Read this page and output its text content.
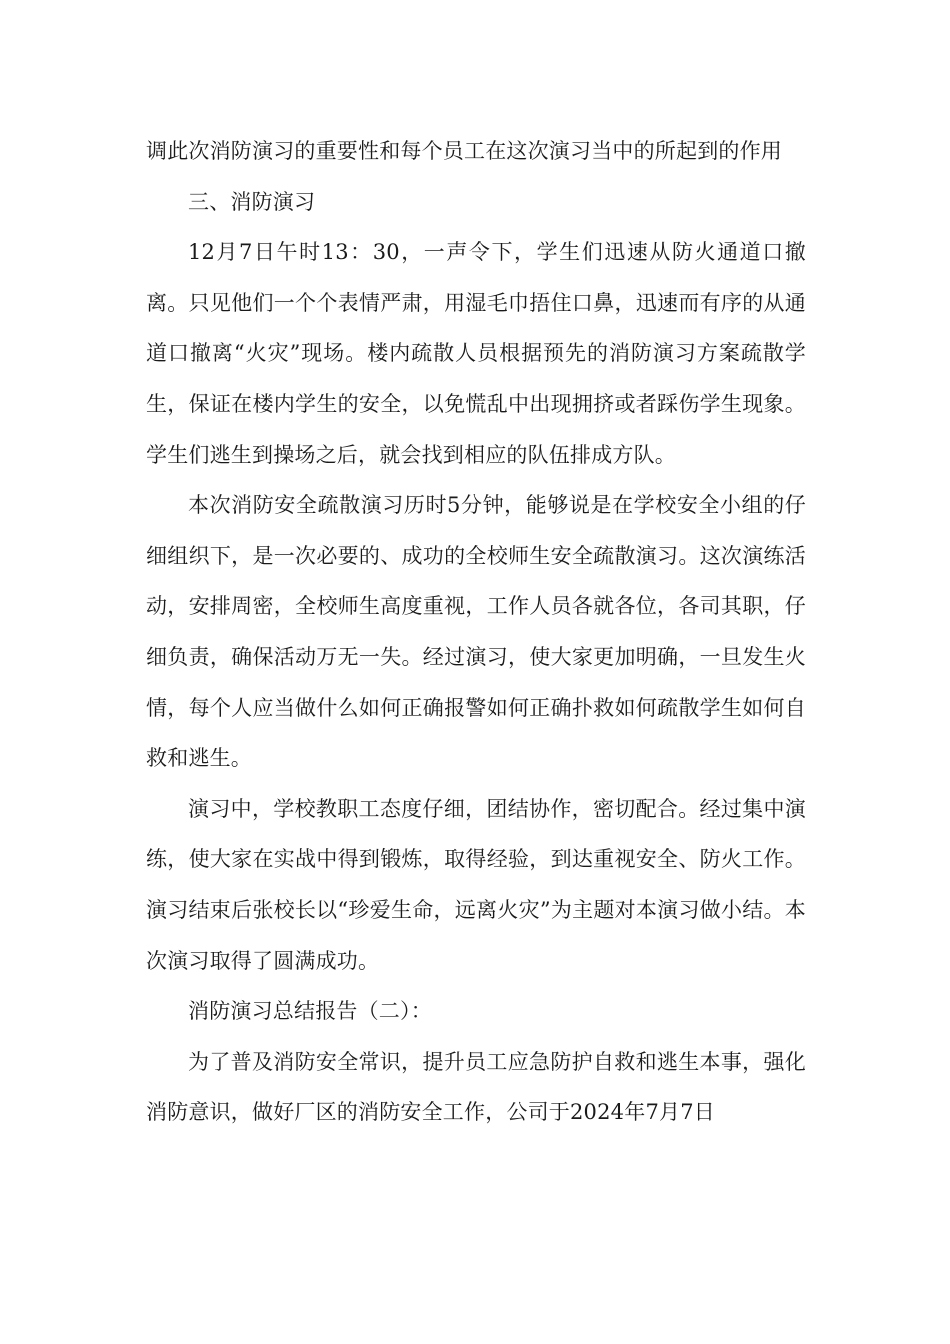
调此次消防演习的重要性和每个员工在这次演习当中的所起到的作用

三、消防演习

12月7日午时13：30，一声令下，学生们迅速从防火通道口撤离。只见他们一个个表情严肃，用湿毛巾捂住口鼻，迅速而有序的从通道口撤离“火灾”现场。楼内疏散人员根据预先的消防演习方案疏散学生，保证在楼内学生的安全，以免慌乱中出现拥挤或者踩伤学生现象。学生们逃生到操场之后，就会找到相应的队伍排成方队。

本次消防安全疏散演习历时5分钟，能够说是在学校安全小组的仔细组织下，是一次必要的、成功的全校师生安全疏散演习。这次演练活动，安排周密，全校师生高度重视，工作人员各就各位，各司其职，仔细负责，确保活动万无一失。经过演习，使大家更加明确，一旦发生火情，每个人应当做什么如何正确报警如何正确扑救如何疏散学生如何自救和逃生。

演习中，学校教职工态度仔细，团结协作，密切配合。经过集中演练，使大家在实战中得到锻炼，取得经验，到达重视安全、防火工作。演习结束后张校长以“珍爱生命，远离火灾”为主题对本演习做小结。本次演习取得了圆满成功。

消防演习总结报告（二）：

为了普及消防安全常识，提升员工应急防护自救和逃生本事，强化消防意识，做好厂区的消防安全工作，公司于2024年7月7日
